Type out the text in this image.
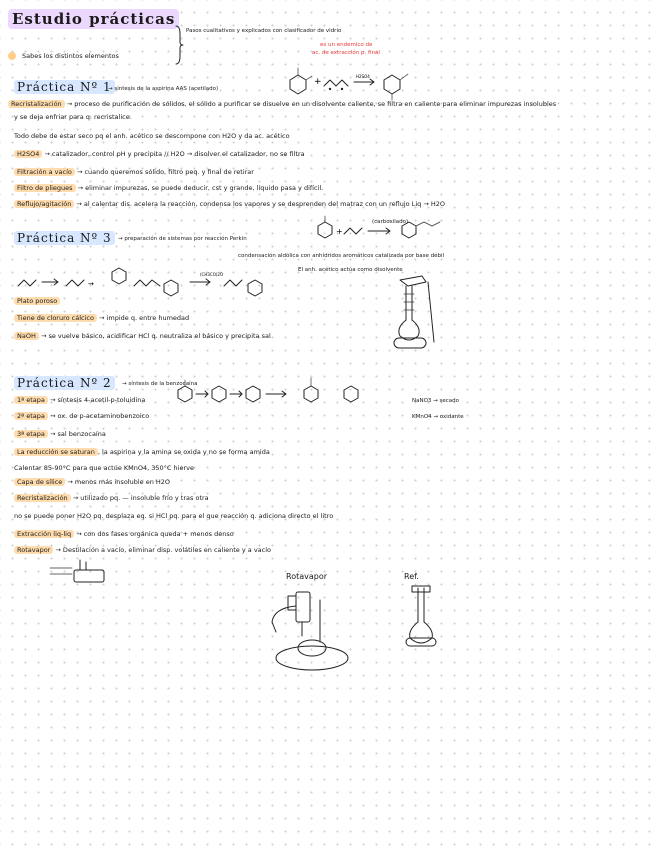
Estudio prácticas
Pasos cualitativos y explicados con clasificador de vidrio
Sabes los distintos elementos
es un endemico de
ac. de extracción p. final
Práctica Nº 1
→ síntesis de la aspirina AAS (acetilado)
+
H2SO4
Recristalización → proceso de purificación de sólidos, el sólido a purificar se disuelve en un disolvente caliente, se filtra en caliente para eliminar impurezas insolubles
y se deja enfriar para q. recristalice.
Todo debe de estar seco pq el anh. acético se descompone con H2O y da ac. acético
H2SO4 → catalizador, control pH y precipita // H2O → disolver el catalizador, no se filtra
Filtración a vacío → cuando queremos sólido, filtro peq. y final de retirar
Filtro de pliegues → eliminar impurezas, se puede deducir, cst y grande, líquido pasa y difícil.
Reflujo/agitación → al calentar dis. acelera la reacción, condensa los vapores y se desprenden del matraz con un reflujo Liq → H2O
Práctica Nº 3	→ preparación de sistemas por reacción Perkin
+
(carboxilado)
condensación aldólica con anhídridos aromáticos catalizada por base débil
El anh. acético actúa como disolvente
→
(CH3CO)2O
Plato poroso
Tiene de cloruro cálcico → impide q. entre humedad
NaOH → se vuelve básico, acidificar HCl q. neutraliza el básico y precipita sal
Práctica Nº 2	→ síntesis de la benzocaína
NaNO3 → secado
KMnO4 → oxidante
1ª etapa → síntesis 4-acetil-p-toluidina
2ª etapa → ox. de p-acetaminobenzoico
3ª etapa → sal benzocaína
La reducción se saturan , la aspirina y la amina se oxida y no se forma amida
Calentar 85-90°C para que actúe KMnO4, 350°C hierve
Capa de sílice → menos más insoluble en H2O
Recristalización → utilizado pq. — insoluble frío y tras otra
no se puede poner H2O pq. desplaza eq. si HCl pq. para el que reacción q. adiciona directo el litro
Extracción liq-liq → con dos fases orgánica queda + menos denso
Rotavapor → Destilación a vacío, eliminar disp. volátiles en caliente y a vacío
Rotavapor	Ref.
